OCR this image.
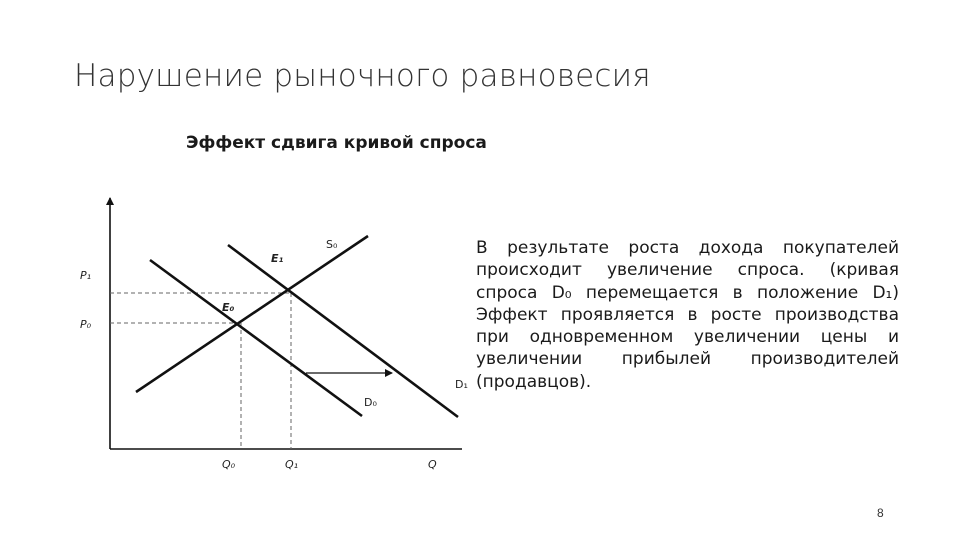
Нарушение рыночного равновесия
Эффект сдвига кривой спроса
S₀
E₁
E₀
P₁
P₀
D₀
D₁
Q₀	Q₁	Q
В результате роста дохода покупателей происходит увеличение спроса. (кривая спроса D₀ перемещается в положение D₁) Эффект проявляется в росте производства при одновременном увеличении цены и увеличении прибылей производителей (продавцов).
8
